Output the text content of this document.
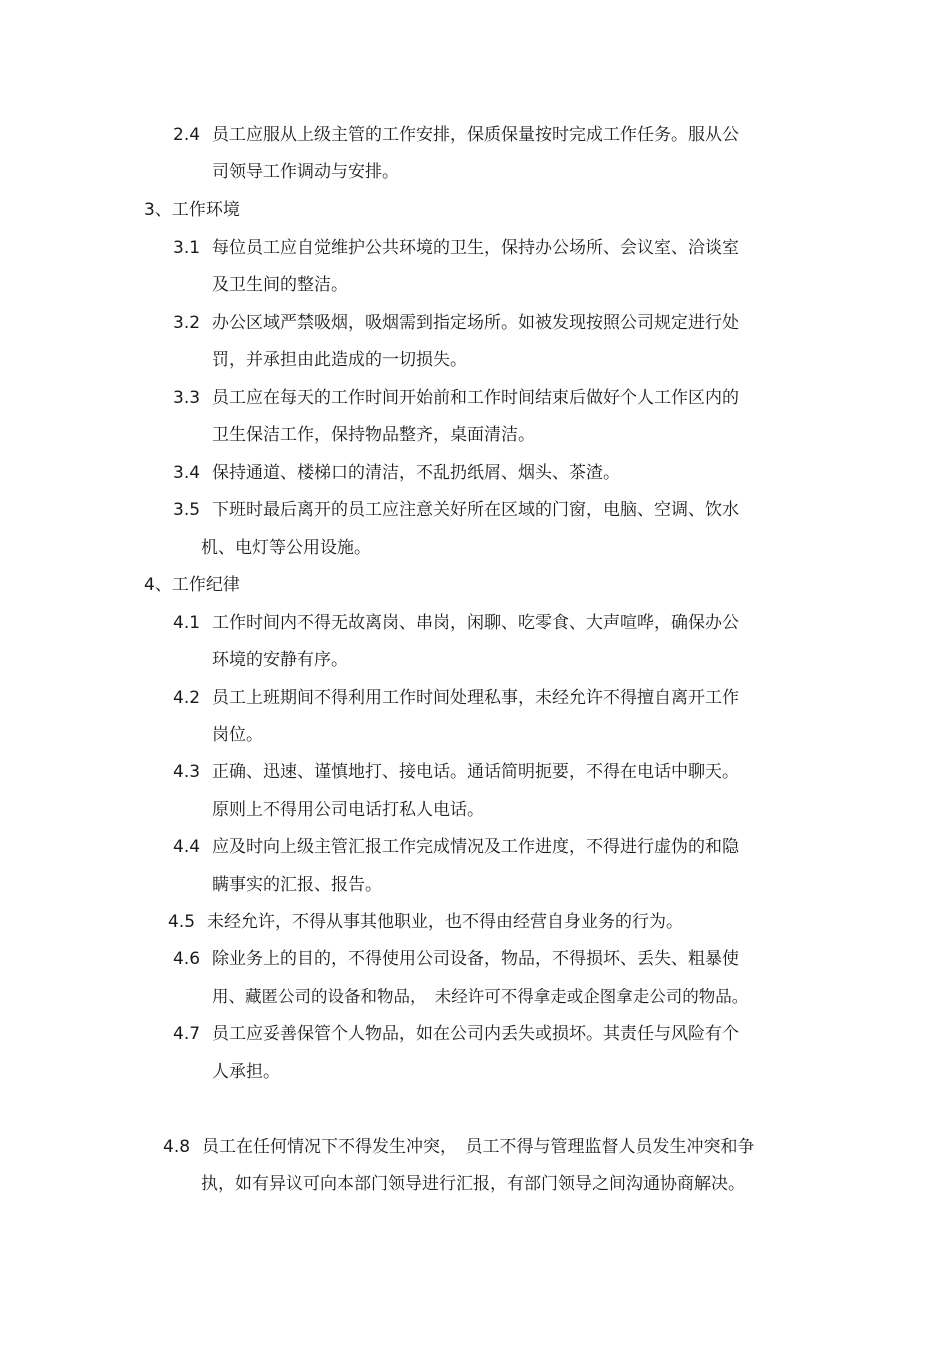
2.4 员工应服从上级主管的工作安排，保质保量按时完成工作任务。服从公
司领导工作调动与安排。
3、工作环境
3.1 每位员工应自觉维护公共环境的卫生，保持办公场所、会议室、洽谈室
及卫生间的整洁。
3.2 办公区域严禁吸烟，吸烟需到指定场所。如被发现按照公司规定进行处
罚，并承担由此造成的一切损失。
3.3 员工应在每天的工作时间开始前和工作时间结束后做好个人工作区内的
卫生保洁工作，保持物品整齐，桌面清洁。
3.4 保持通道、楼梯口的清洁，不乱扔纸屑、烟头、茶渣。
3.5 下班时最后离开的员工应注意关好所在区域的门窗，电脑、空调、饮水
机、电灯等公用设施。
4、工作纪律
4.1 工作时间内不得无故离岗、串岗，闲聊、吃零食、大声喧哗，确保办公
环境的安静有序。
4.2 员工上班期间不得利用工作时间处理私事，未经允许不得擅自离开工作
岗位。
4.3 正确、迅速、谨慎地打、接电话。通话简明扼要，不得在电话中聊天。
原则上不得用公司电话打私人电话。
4.4 应及时向上级主管汇报工作完成情况及工作进度，不得进行虚伪的和隐
瞒事实的汇报、报告。
4.5 未经允许，不得从事其他职业，也不得由经营自身业务的行为。
4.6 除业务上的目的，不得使用公司设备，物品，不得损坏、丢失、粗暴使
用、藏匿公司的设备和物品，　未经许可不得拿走或企图拿走公司的物品。
4.7 员工应妥善保管个人物品，如在公司内丢失或损坏。其责任与风险有个
人承担。
4.8 员工在任何情况下不得发生冲突，　员工不得与管理监督人员发生冲突和争
执，如有异议可向本部门领导进行汇报，有部门领导之间沟通协商解决。
